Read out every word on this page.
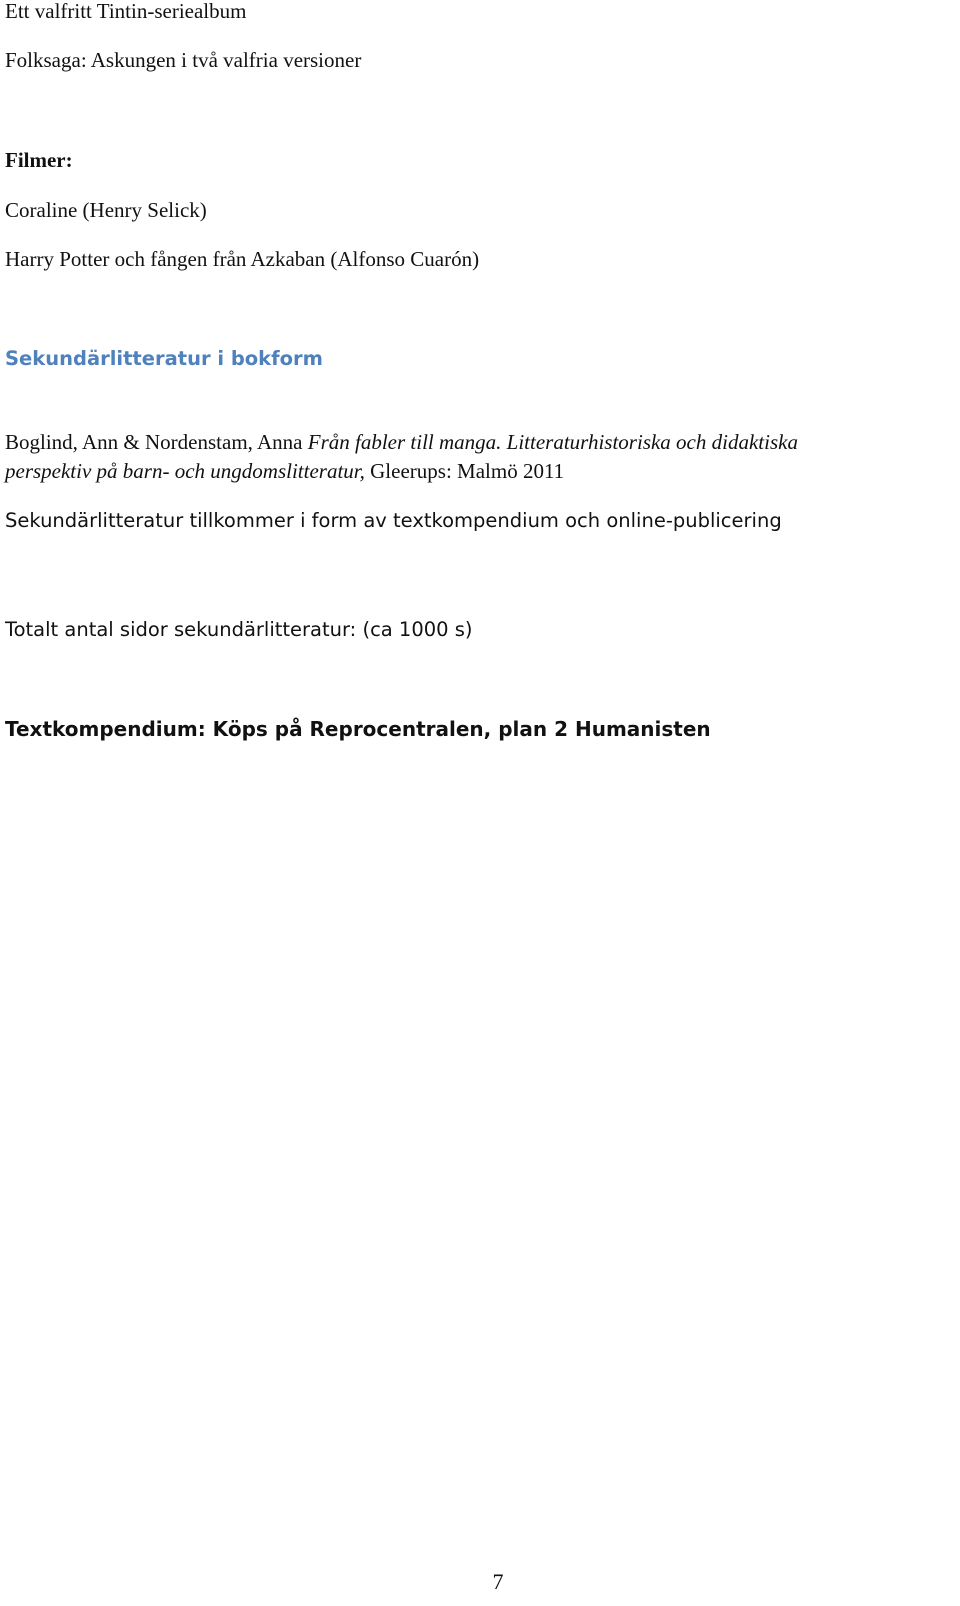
Ett valfritt Tintin-seriealbum
Folksaga: Askungen i två valfria versioner
Filmer:
Coraline (Henry Selick)
Harry Potter och fången från Azkaban (Alfonso Cuarón)
Sekundärlitteratur i bokform
Boglind, Ann & Nordenstam, Anna Från fabler till manga. Litteraturhistoriska och didaktiska
perspektiv på barn- och ungdomslitteratur, Gleerups: Malmö 2011
Sekundärlitteratur tillkommer i form av textkompendium och online-publicering
Totalt antal sidor sekundärlitteratur: (ca 1000 s)
Textkompendium: Köps på Reprocentralen, plan 2 Humanisten
7
